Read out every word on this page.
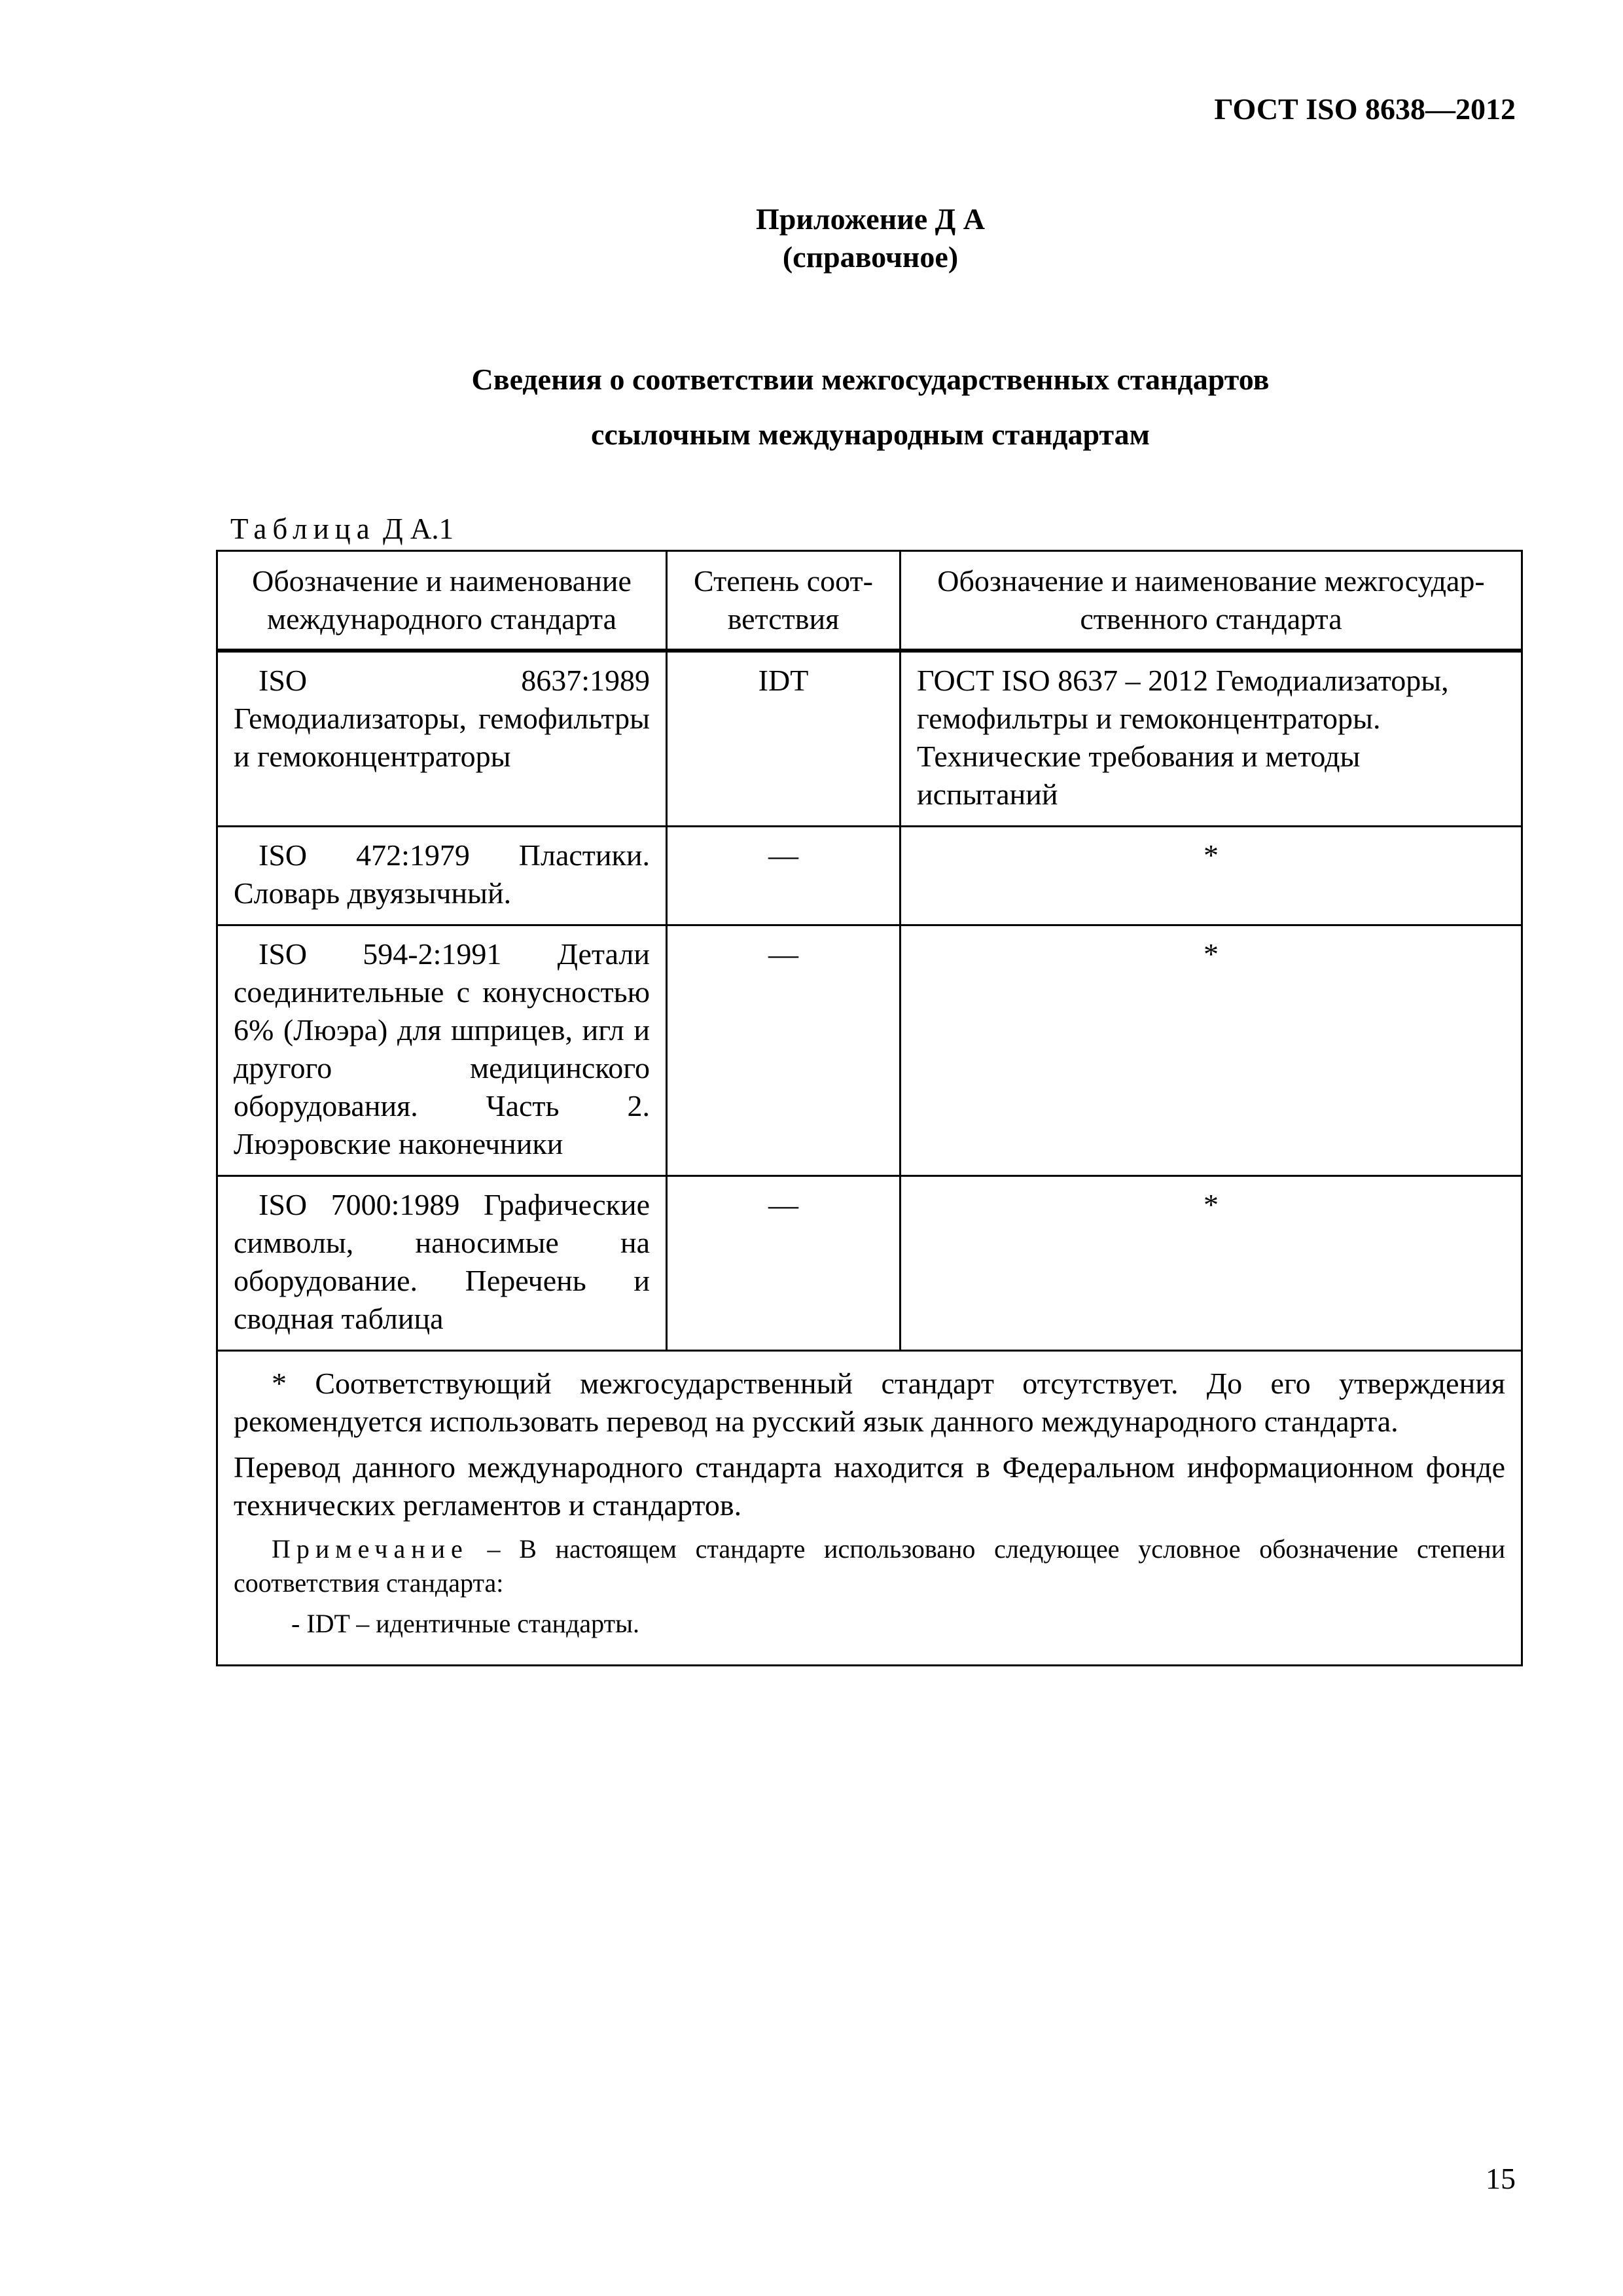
ГОСТ ISO 8638—2012
Приложение Д А
(справочное)
Сведения о соответствии межгосударственных стандартов
ссылочным международным стандартам
Таблица Д А.1
Обозначение и наименование международного стандарта	Степень соот-ветствия	Обозначение и наименование межгосудар-ственного стандарта
ISO 8637:1989 Гемодиализаторы, гемофильтры и гемоконцентраторы	IDT	ГОСТ ISO 8637 – 2012 Гемодиализаторы, гемофильтры и гемоконцентраторы. Технические требования и методы испытаний
ISO 472:1979 Пластики. Словарь двуязычный.	—	*
ISO 594-2:1991 Детали соединительные с конусностью 6% (Люэра) для шприцев, игл и другого медицинского оборудования. Часть 2. Люэровские наконечники	—	*
ISO 7000:1989 Графические символы, наносимые на оборудование. Перечень и сводная таблица	—	*

* Соответствующий межгосударственный стандарт отсутствует. До его утверждения рекомендуется использовать перевод на русский язык данного международного стандарта.

Перевод данного международного стандарта находится в Федеральном информационном фонде технических регламентов и стандартов.

Примечание – В настоящем стандарте использовано следующее условное обозначение степени соответствия стандарта:

- IDT – идентичные стандарты.		

15
